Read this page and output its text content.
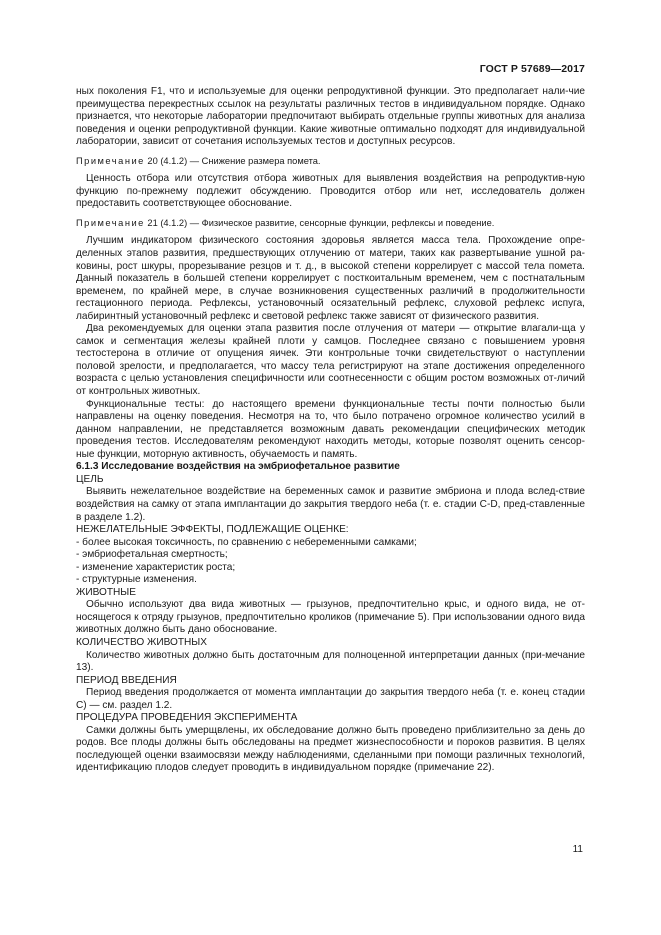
ГОСТ Р 57689—2017

ных поколения F1, что и используемые для оценки репродуктивной функции. Это предполагает нали-чие преимущества перекрестных ссылок на результаты различных тестов в индивидуальном порядке. Однако признается, что некоторые лаборатории предпочитают выбирать отдельные группы животных для анализа поведения и оценки репродуктивной функции. Какие животные оптимально подходят для индивидуальной лаборатории, зависит от сочетания используемых тестов и доступных ресурсов.

Примечание 20 (4.1.2) — Снижение размера помета.

Ценность отбора или отсутствия отбора животных для выявления воздействия на репродуктив-ную функцию по-прежнему подлежит обсуждению. Проводится отбор или нет, исследователь должен предоставить соответствующее обоснование.

Примечание 21 (4.1.2) — Физическое развитие, сенсорные функции, рефлексы и поведение.

Лучшим индикатором физического состояния здоровья является масса тела. Прохождение опре-деленных этапов развития, предшествующих отлучению от матери, таких как развертывание ушной ра-ковины, рост шкуры, прорезывание резцов и т. д., в высокой степени коррелирует с массой тела помета. Данный показатель в большей степени коррелирует с посткоитальным временем, чем с постнатальным временем, по крайней мере, в случае возникновения существенных различий в продолжительности гестационного периода. Рефлексы, установочный осязательный рефлекс, слуховой рефлекс испуга, лабиринтный установочный рефлекс и световой рефлекс также зависят от физического развития.

Два рекомендуемых для оценки этапа развития после отлучения от матери — открытие влагали-ща у самок и сегментация железы крайней плоти у самцов. Последнее связано с повышением уровня тестостерона в отличие от опущения яичек. Эти контрольные точки свидетельствуют о наступлении половой зрелости, и предполагается, что массу тела регистрируют на этапе достижения определенного возраста с целью установления специфичности или соотнесенности с общим ростом возможных от-личий от контрольных животных.

Функциональные тесты: до настоящего времени функциональные тесты почти полностью были направлены на оценку поведения. Несмотря на то, что было потрачено огромное количество усилий в данном направлении, не представляется возможным давать рекомендации специфических методик проведения тестов. Исследователям рекомендуют находить методы, которые позволят оценить сенсор-ные функции, моторную активность, обучаемость и память.

6.1.3 Исследование воздействия на эмбриофетальное развитие

ЦЕЛЬ

Выявить нежелательное воздействие на беременных самок и развитие эмбриона и плода вслед-ствие воздействия на самку от этапа имплантации до закрытия твердого неба (т. е. стадии C-D, пред-ставленные в разделе 1.2).

НЕЖЕЛАТЕЛЬНЫЕ ЭФФЕКТЫ, ПОДЛЕЖАЩИЕ ОЦЕНКЕ:

- более высокая токсичность, по сравнению с небеременными самками;

- эмбриофетальная смертность;

- изменение характеристик роста;

- структурные изменения.

ЖИВОТНЫЕ

Обычно используют два вида животных — грызунов, предпочтительно крыс, и одного вида, не от-носящегося к отряду грызунов, предпочтительно кроликов (примечание 5). При использовании одного вида животных должно быть дано обоснование.

КОЛИЧЕСТВО ЖИВОТНЫХ

Количество животных должно быть достаточным для полноценной интерпретации данных (при-мечание 13).

ПЕРИОД ВВЕДЕНИЯ

Период введения продолжается от момента имплантации до закрытия твердого неба (т. е. конец стадии С) — см. раздел 1.2.

ПРОЦЕДУРА ПРОВЕДЕНИЯ ЭКСПЕРИМЕНТА

Самки должны быть умерщвлены, их обследование должно быть проведено приблизительно за день до родов. Все плоды должны быть обследованы на предмет жизнеспособности и пороков развития. В целях последующей оценки взаимосвязи между наблюдениями, сделанными при помощи различных технологий, идентификацию плодов следует проводить в индивидуальном порядке (примечание 22).

11
